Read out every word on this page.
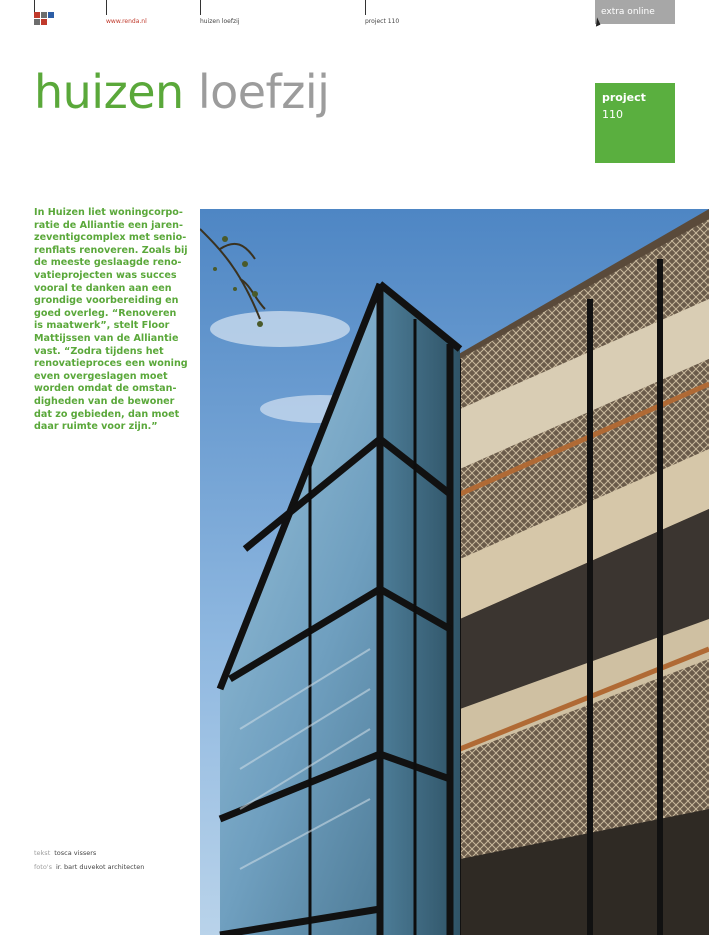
www.renda.nl	huizen loefzij	project 110
extra online
huizen loefzij	project
110
In Huizen liet woningcorpo-
ratie de Alliantie een jaren-
zeventigcomplex met senio-
renflats renoveren. Zoals bij
de meeste geslaagde reno-
vatieprojecten was succes
vooral te danken aan een
grondige voorbereiding en
goed overleg. “Renoveren
is maatwerk”, stelt Floor
Mattijssen van de Alliantie
vast. “Zodra tijdens het
renovatieproces een woning
even overgeslagen moet
worden omdat de omstan-
digheden van de bewoner
dat zo gebieden, dan moet
daar ruimte voor zijn.”
tekst tosca vissers
foto's ir. bart duvekot architecten
